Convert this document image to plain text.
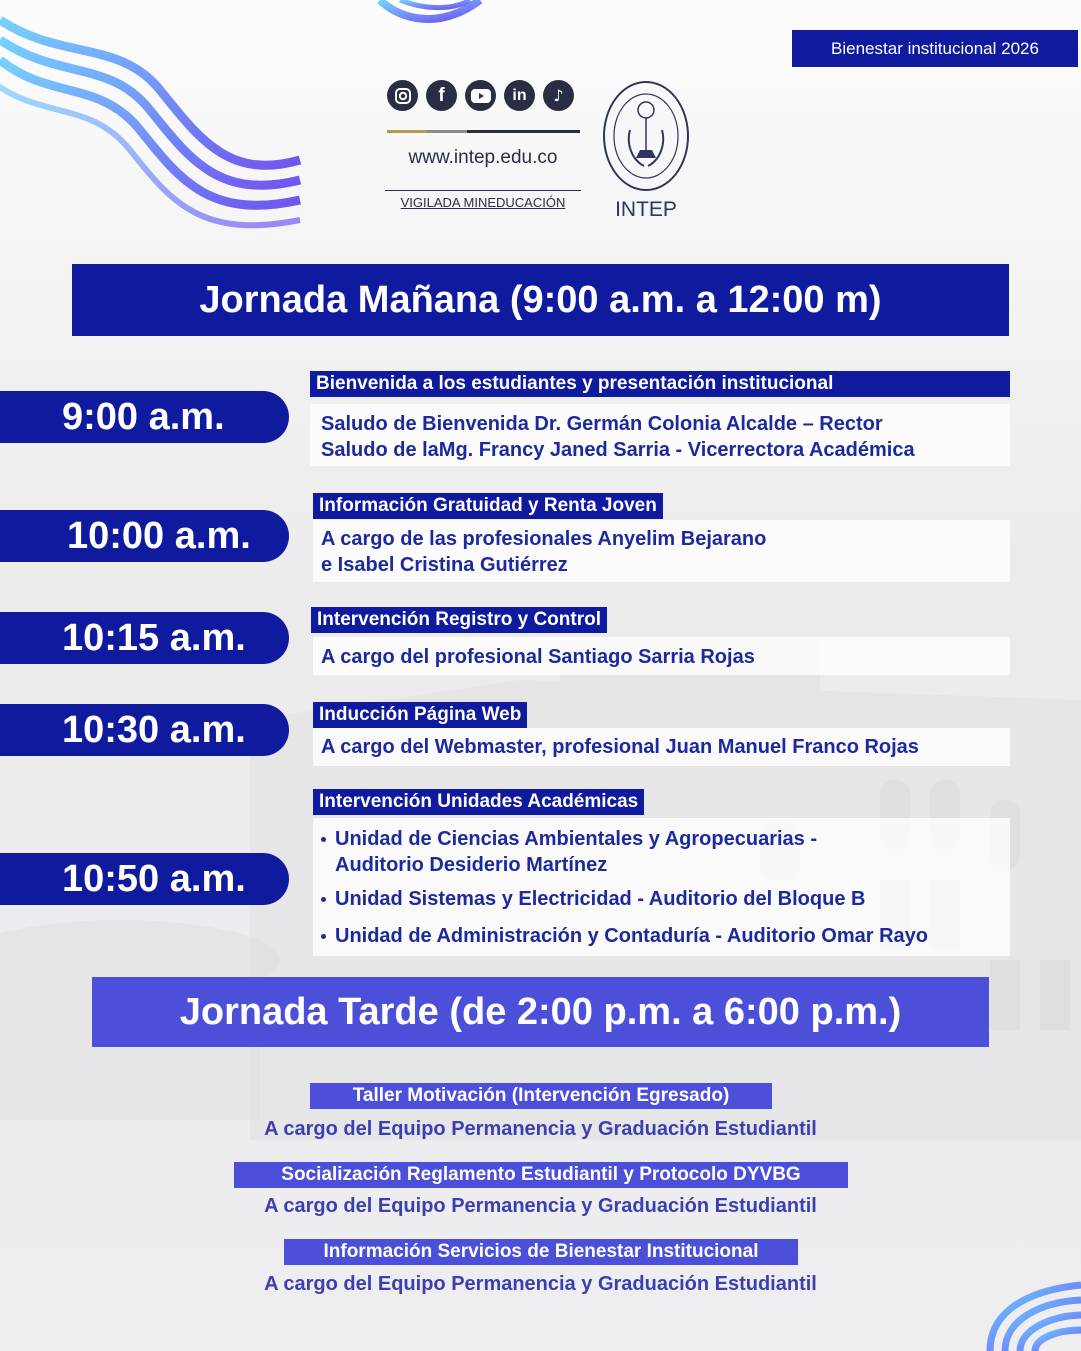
Bienestar institucional 2026
f	in ♪
www.intep.edu.co
VIGILADA MINEDUCACIÓN	INTEP
Jornada Mañana (9:00 a.m. a 12:00 m)
9:00 a.m.
Bienvenida a los estudiantes y presentación institucional
Saludo de Bienvenida Dr. Germán Colonia Alcalde – Rector
Saludo de laMg. Francy Janed Sarria - Vicerrectora Académica
10:00 a.m.
Información Gratuidad y Renta Joven
A cargo de las profesionales Anyelim Bejarano
e Isabel Cristina Gutiérrez
10:15 a.m.	Intervención Registro y Control
A cargo del profesional Santiago Sarria Rojas
10:30 a.m.	Inducción Página Web
A cargo del Webmaster, profesional Juan Manuel Franco Rojas
10:50 a.m.
Intervención Unidades Académicas
Unidad de Ciencias Ambientales y Agropecuarias -
Auditorio Desiderio Martínez
Unidad Sistemas y Electricidad - Auditorio del Bloque B
Unidad de Administración y Contaduría - Auditorio Omar Rayo
Jornada Tarde (de 2:00 p.m. a 6:00 p.m.)
Taller Motivación (Intervención Egresado)
A cargo del Equipo Permanencia y Graduación Estudiantil
Socialización Reglamento Estudiantil y Protocolo DYVBG
A cargo del Equipo Permanencia y Graduación Estudiantil
Información Servicios de Bienestar Institucional
A cargo del Equipo Permanencia y Graduación Estudiantil
